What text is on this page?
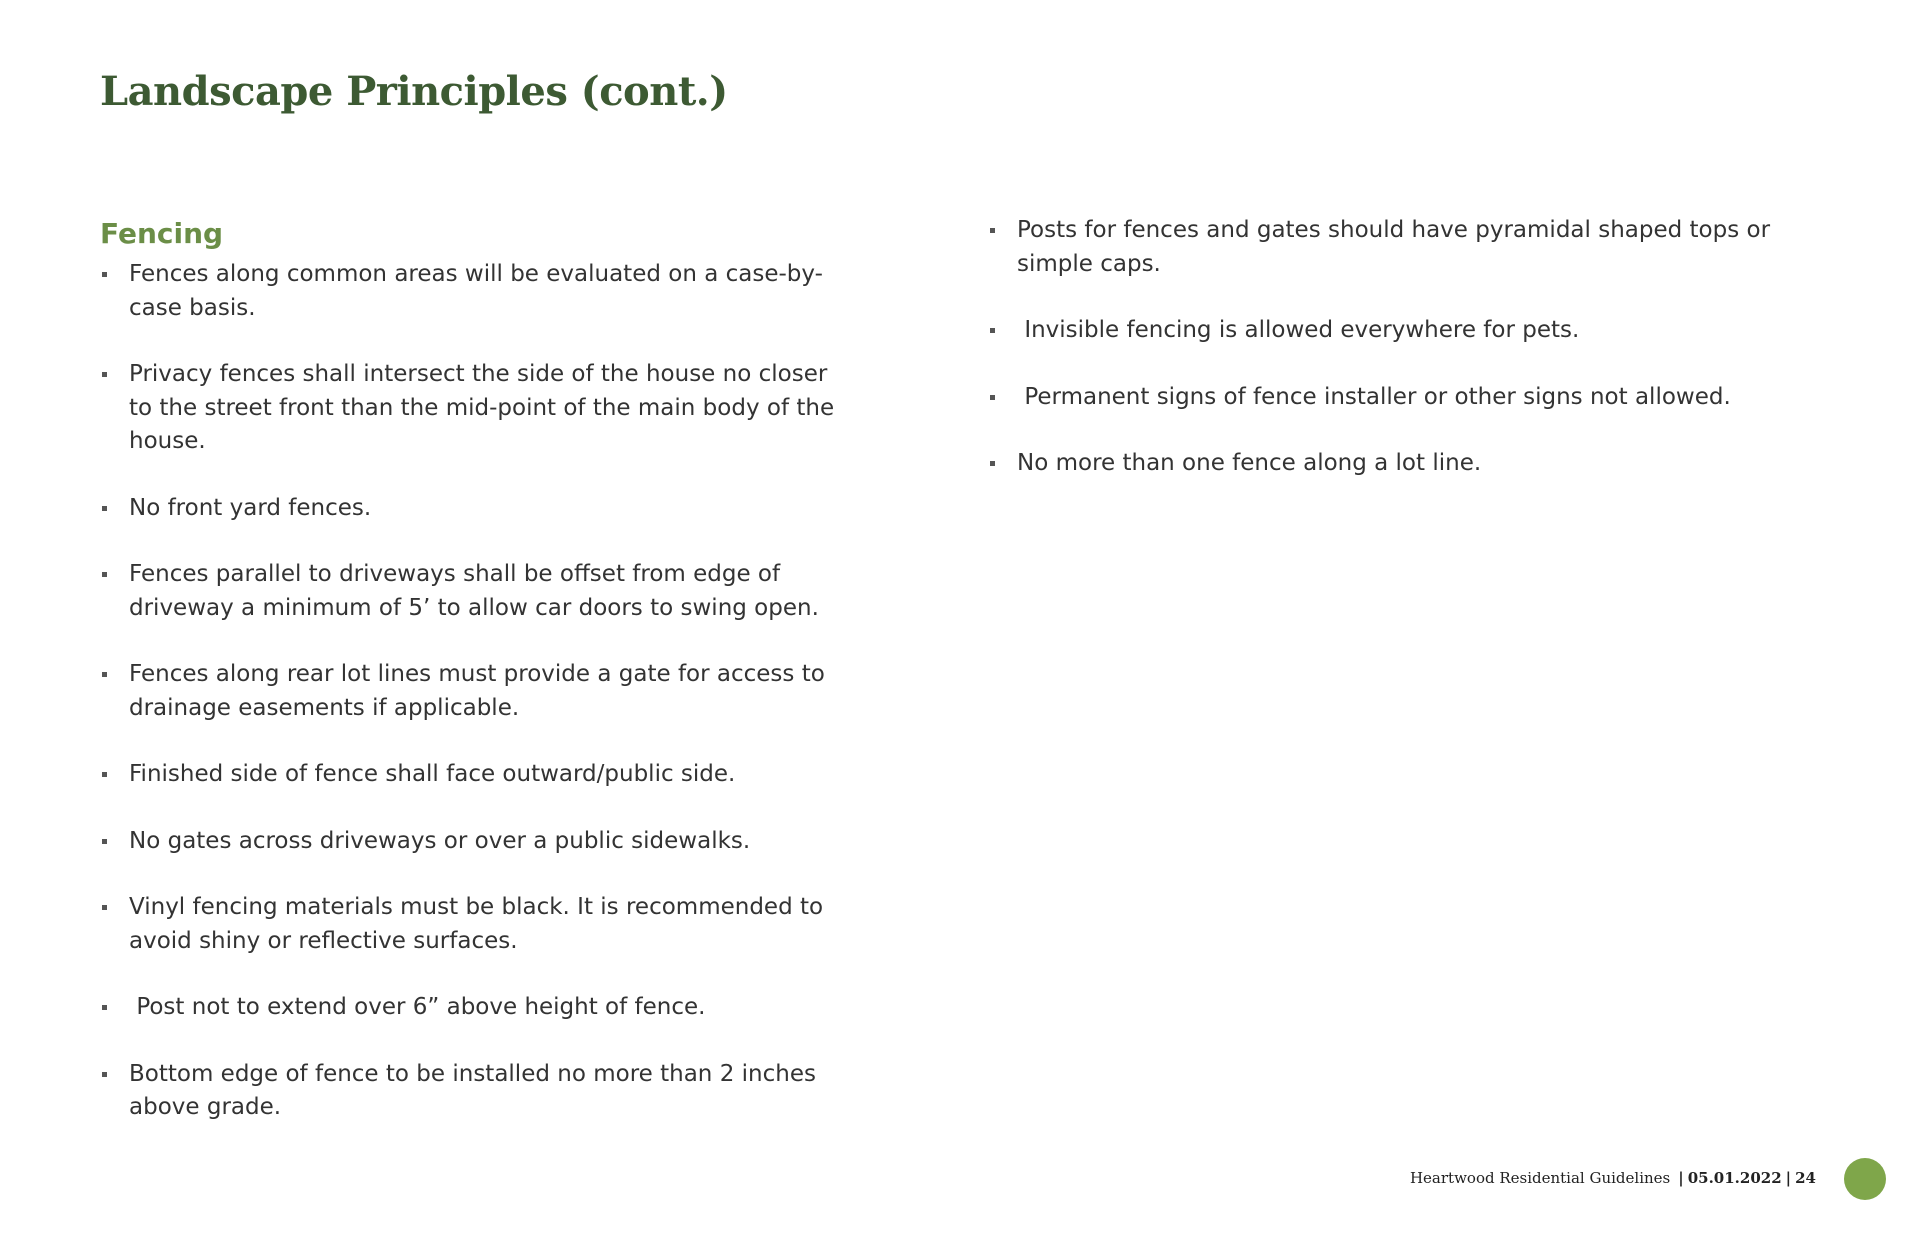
Landscape Principles (cont.)
Fencing
Fences along common areas will be evaluated on a case-by-case basis.
Privacy fences shall intersect the side of the house no closer to the street front than the mid-point of the main body of the house.
No front yard fences.
Fences parallel to driveways shall be offset from edge of driveway a minimum of 5’ to allow car doors to swing open.
Fences along rear lot lines must provide a gate for access to drainage easements if applicable.
Finished side of fence shall face outward/public side.
No gates across driveways or over a public sidewalks.
Vinyl fencing materials must be black. It is recommended to avoid shiny or reflective surfaces.
Post not to extend over 6” above height of fence.
Bottom edge of fence to be installed no more than 2 inches above grade.
Posts for fences and gates should have pyramidal shaped tops or simple caps.
Invisible fencing is allowed everywhere for pets.
Permanent signs of fence installer or other signs not allowed.
No more than one fence along a lot line.
Heartwood Residential Guidelines | 05.01.2022 | 24
